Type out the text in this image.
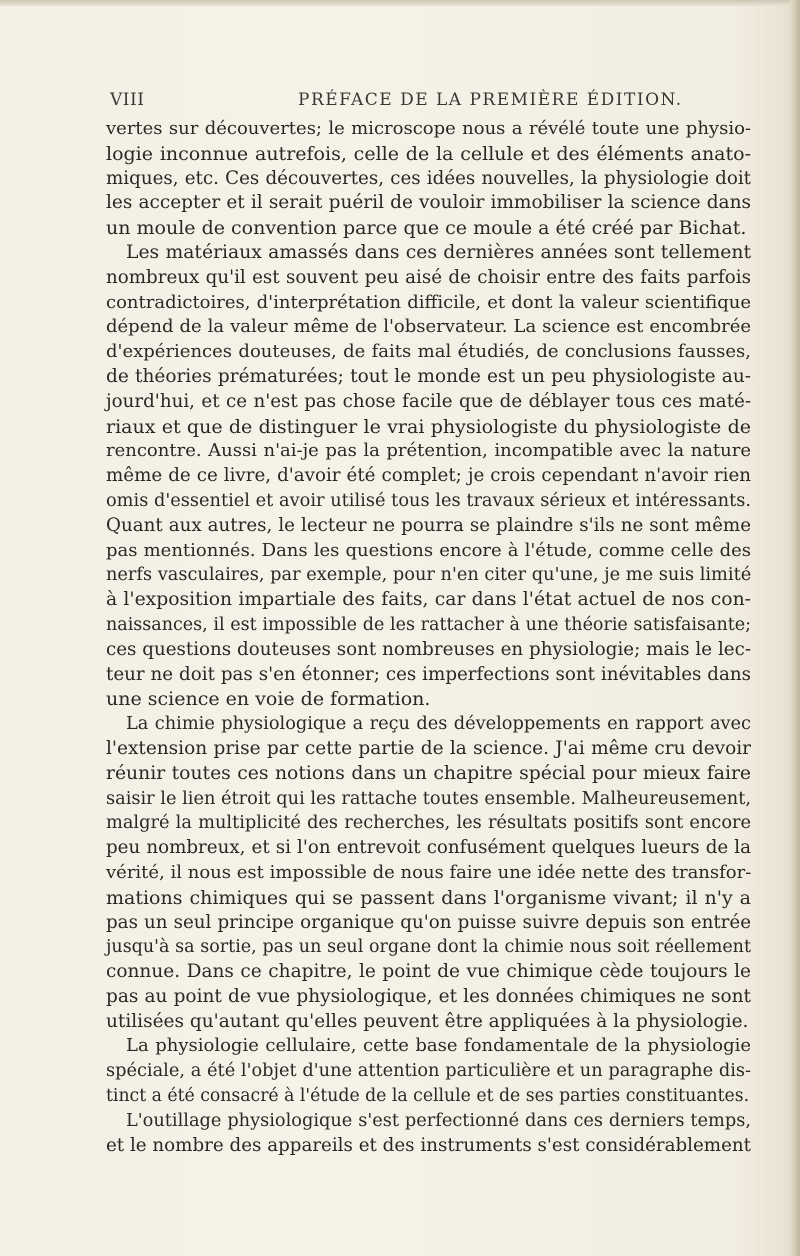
VIII	PRÉFACE DE LA PREMIÈRE ÉDITION.
vertes sur découvertes; le microscope nous a révélé toute une physio-
logie inconnue autrefois, celle de la cellule et des éléments anato-
miques, etc. Ces découvertes, ces idées nouvelles, la physiologie doit
les accepter et il serait puéril de vouloir immobiliser la science dans
un moule de convention parce que ce moule a été créé par Bichat.
Les matériaux amassés dans ces dernières années sont tellement
nombreux qu'il est souvent peu aisé de choisir entre des faits parfois
contradictoires, d'interprétation difficile, et dont la valeur scientifique
dépend de la valeur même de l'observateur. La science est encombrée
d'expériences douteuses, de faits mal étudiés, de conclusions fausses,
de théories prématurées; tout le monde est un peu physiologiste au-
jourd'hui, et ce n'est pas chose facile que de déblayer tous ces maté-
riaux et que de distinguer le vrai physiologiste du physiologiste de
rencontre. Aussi n'ai-je pas la prétention, incompatible avec la nature
même de ce livre, d'avoir été complet; je crois cependant n'avoir rien
omis d'essentiel et avoir utilisé tous les travaux sérieux et intéressants.
Quant aux autres, le lecteur ne pourra se plaindre s'ils ne sont même
pas mentionnés. Dans les questions encore à l'étude, comme celle des
nerfs vasculaires, par exemple, pour n'en citer qu'une, je me suis limité
à l'exposition impartiale des faits, car dans l'état actuel de nos con-
naissances, il est impossible de les rattacher à une théorie satisfaisante;
ces questions douteuses sont nombreuses en physiologie; mais le lec-
teur ne doit pas s'en étonner; ces imperfections sont inévitables dans
une science en voie de formation.
La chimie physiologique a reçu des développements en rapport avec
l'extension prise par cette partie de la science. J'ai même cru devoir
réunir toutes ces notions dans un chapitre spécial pour mieux faire
saisir le lien étroit qui les rattache toutes ensemble. Malheureusement,
malgré la multiplicité des recherches, les résultats positifs sont encore
peu nombreux, et si l'on entrevoit confusément quelques lueurs de la
vérité, il nous est impossible de nous faire une idée nette des transfor-
mations chimiques qui se passent dans l'organisme vivant; il n'y a
pas un seul principe organique qu'on puisse suivre depuis son entrée
jusqu'à sa sortie, pas un seul organe dont la chimie nous soit réellement
connue. Dans ce chapitre, le point de vue chimique cède toujours le
pas au point de vue physiologique, et les données chimiques ne sont
utilisées qu'autant qu'elles peuvent être appliquées à la physiologie.
La physiologie cellulaire, cette base fondamentale de la physiologie
spéciale, a été l'objet d'une attention particulière et un paragraphe dis-
tinct a été consacré à l'étude de la cellule et de ses parties constituantes.
L'outillage physiologique s'est perfectionné dans ces derniers temps,
et le nombre des appareils et des instruments s'est considérablement
